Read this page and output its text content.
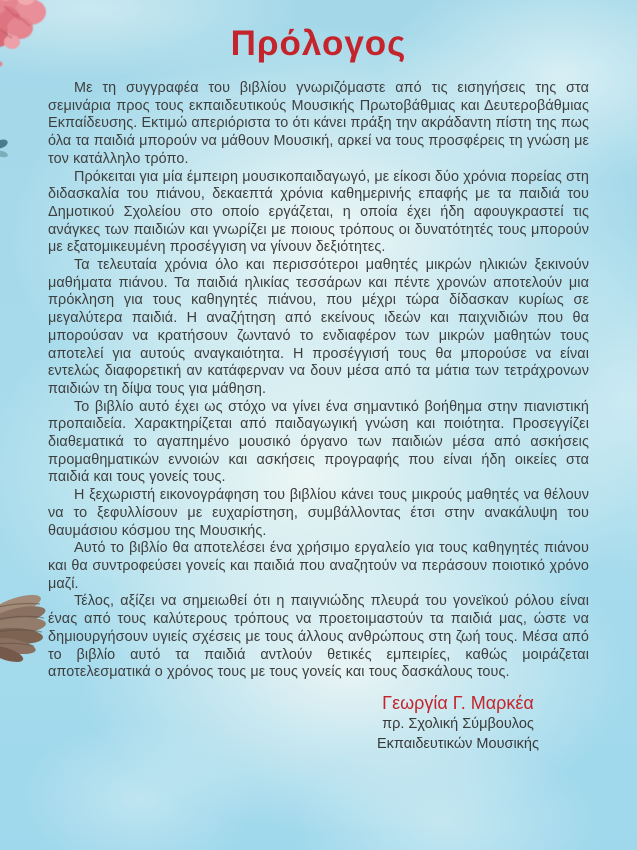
Πρόλογος

Με τη συγγραφέα του βιβλίου γνωριζόμαστε από τις εισηγήσεις της στα σεμινάρια προς τους εκπαιδευτικούς Μουσικής Πρωτοβάθμιας και Δευτεροβάθμιας Εκπαίδευσης. Εκτιμώ απεριόριστα το ότι κάνει πράξη την ακράδαντη πίστη της πως όλα τα παιδιά μπορούν να μάθουν Μουσική, αρκεί να τους προσφέρεις τη γνώση με τον κατάλληλο τρόπο.

Πρόκειται για μία έμπειρη μουσικοπαιδαγωγό, με είκοσι δύο χρόνια πορείας στη διδασκαλία του πιάνου, δεκαεπτά χρόνια καθημερινής επαφής με τα παιδιά του Δημοτικού Σχολείου στο οποίο εργάζεται, η οποία έχει ήδη αφουγκραστεί τις ανάγκες των παιδιών και γνωρίζει με ποιους τρόπους οι δυνατότητές τους μπορούν με εξατομικευμένη προσέγγιση να γίνουν δεξιότητες.

Τα τελευταία χρόνια όλο και περισσότεροι μαθητές μικρών ηλικιών ξεκινούν μαθήματα πιάνου. Τα παιδιά ηλικίας τεσσάρων και πέντε χρονών αποτελούν μια πρόκληση για τους καθηγητές πιάνου, που μέχρι τώρα δίδασκαν κυρίως σε μεγαλύτερα παιδιά. Η αναζήτηση από εκείνους ιδεών και παιχνιδιών που θα μπορούσαν να κρατήσουν ζωντανό το ενδιαφέρον των μικρών μαθητών τους αποτελεί για αυτούς αναγκαιότητα. Η προσέγγισή τους θα μπορούσε να είναι εντελώς διαφορετική αν κατάφερναν να δουν μέσα από τα μάτια των τετράχρονων παιδιών τη δίψα τους για μάθηση.

Το βιβλίο αυτό έχει ως στόχο να γίνει ένα σημαντικό βοήθημα στην πιανιστική προπαιδεία. Χαρακτηρίζεται από παιδαγωγική γνώση και ποιότητα. Προσεγγίζει διαθεματικά το αγαπημένο μουσικό όργανο των παιδιών μέσα από ασκήσεις προμαθηματικών εννοιών και ασκήσεις προγραφής που είναι ήδη οικείες στα παιδιά και τους γονείς τους.

Η ξεχωριστή εικονογράφηση του βιβλίου κάνει τους μικρούς μαθητές να θέλουν να το ξεφυλλίσουν με ευχαρίστηση, συμβάλλοντας έτσι στην ανακάλυψη του θαυμάσιου κόσμου της Μουσικής.

Αυτό το βιβλίο θα αποτελέσει ένα χρήσιμο εργαλείο για τους καθηγητές πιάνου και θα συντροφεύσει γονείς και παιδιά που αναζητούν να περάσουν ποιοτικό χρόνο μαζί.

Τέλος, αξίζει να σημειωθεί ότι η παιγνιώδης πλευρά του γονεϊκού ρόλου είναι ένας από τους καλύτερους τρόπους να προετοιμαστούν τα παιδιά μας, ώστε να δημιουργήσουν υγιείς σχέσεις με τους άλλους ανθρώπους στη ζωή τους. Μέσα από το βιβλίο αυτό τα παιδιά αντλούν θετικές εμπειρίες, καθώς μοιράζεται αποτελεσματικά ο χρόνος τους με τους γονείς και τους δασκάλους τους.

Γεωργία Γ. Μαρκέα
πρ. Σχολική Σύμβουλος
Εκπαιδευτικών Μουσικής
